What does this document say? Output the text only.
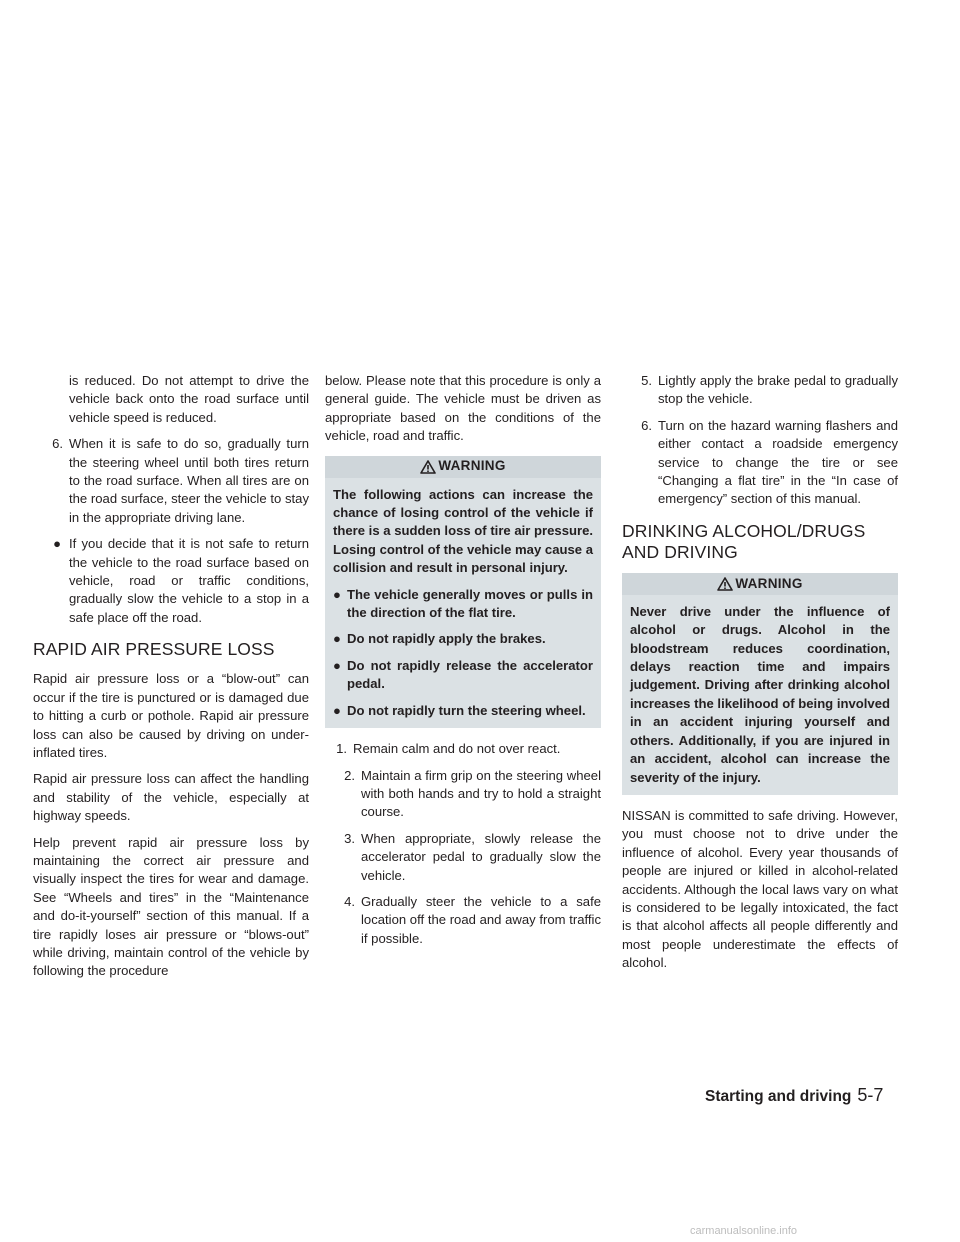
is reduced. Do not attempt to drive the vehicle back onto the road surface until vehicle speed is reduced.

6. When it is safe to do so, gradually turn the steering wheel until both tires return to the road surface. When all tires are on the road surface, steer the vehicle to stay in the appropriate driving lane.
● If you decide that it is not safe to return the vehicle to the road surface based on vehicle, road or traffic conditions, gradually slow the vehicle to a stop in a safe place off the road.
RAPID AIR PRESSURE LOSS

Rapid air pressure loss or a “blow-out” can occur if the tire is punctured or is damaged due to hitting a curb or pothole. Rapid air pressure loss can also be caused by driving on under-inflated tires.

Rapid air pressure loss can affect the handling and stability of the vehicle, especially at highway speeds.

Help prevent rapid air pressure loss by maintaining the correct air pressure and visually inspect the tires for wear and damage. See “Wheels and tires” in the “Maintenance and do-it-yourself” section of this manual. If a tire rapidly loses air pressure or “blows-out” while driving, maintain control of the vehicle by following the procedure

below. Please note that this procedure is only a general guide. The vehicle must be driven as appropriate based on the conditions of the vehicle, road and traffic.

WARNING

The following actions can increase the chance of losing control of the vehicle if there is a sudden loss of tire air pressure. Losing control of the vehicle may cause a collision and result in personal injury.

● The vehicle generally moves or pulls in the direction of the flat tire.
● Do not rapidly apply the brakes.
● Do not rapidly release the accelerator pedal.
● Do not rapidly turn the steering wheel.
1. Remain calm and do not over react.
2. Maintain a firm grip on the steering wheel with both hands and try to hold a straight course.
3. When appropriate, slowly release the accelerator pedal to gradually slow the vehicle.
4. Gradually steer the vehicle to a safe location off the road and away from traffic if possible.
5. Lightly apply the brake pedal to gradually stop the vehicle.
6. Turn on the hazard warning flashers and either contact a roadside emergency service to change the tire or see “Changing a flat tire” in the “In case of emergency” section of this manual.
DRINKING ALCOHOL/DRUGS AND DRIVING
WARNING

Never drive under the influence of alcohol or drugs. Alcohol in the bloodstream reduces coordination, delays reaction time and impairs judgement. Driving after drinking alcohol increases the likelihood of being involved in an accident injuring yourself and others. Additionally, if you are injured in an accident, alcohol can increase the severity of the injury.

NISSAN is committed to safe driving. However, you must choose not to drive under the influence of alcohol. Every year thousands of people are injured or killed in alcohol-related accidents. Although the local laws vary on what is considered to be legally intoxicated, the fact is that alcohol affects all people differently and most people underestimate the effects of alcohol.

Starting and driving 5-7
carmanualsonline.info
